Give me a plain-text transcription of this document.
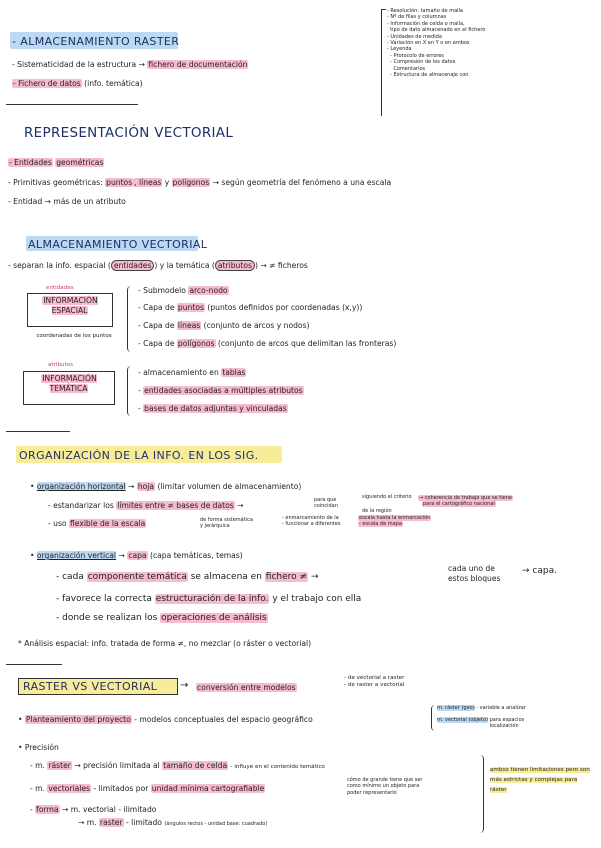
- Resolución: tamaño de malla
- Nº de filas y columnas
- Información de celda o malla,
tipo de dato almacenado en el fichero
- Unidades de medida
- Variación en X en Y o en ambos
- Leyenda
- Protocolo de errores
- Compresión de los datos
Comentarios
- Estructura de almacenaje con
- ALMACENAMIENTO RASTER
- Sistematicidad de la estructura → fichero de documentación
- Fichero de datos (info. temática)
REPRESENTACIÓN VECTORIAL
- Entidades geométricas
- Primitivas geométricas: puntos , líneas y polígonos → según geometría del fenómeno a una escala
- Entidad → más de un atributo
ALMACENAMIENTO VECTORIAL
- separan la info. espacial ( entidades ) y la temática ( atributos ) → ≠ ficheros
entidades
INFORMACIÓN ESPACIAL
coordenadas de los puntos
- Submodelo arco-nodo
- Capa de puntos (puntos definidos por coordenadas (x,y))
- Capa de líneas (conjunto de arcos y nodos)
- Capa de polígonos (conjunto de arcos que delimitan las fronteras)
atributos
INFORMACIÓN TEMÁTICA
- almacenamiento en tablas
- entidades asociadas a múltiples atributos
- bases de datos adjuntas y vinculadas
ORGANIZACIÓN DE LA INFO. EN LOS SIG.
• organización horizontal → hoja (limitar volumen de almacenamiento)
- estandarizar los límites entre ≠ bases de datos →
para que coincidan
siguiendo el criterio
de la región
→ coherencia de trabajo que se tiene
para el cartográfico nacional
- uso flexible de la escala	de forma sistemática
y jerárquica
- enmarcamiento de la
- funcionar a diferentes
escala hasta la enmarcación
- escala de mapa
• organización vertical → capa (capa temáticas, temas)
- cada componente temática se almacena en fichero ≠ →
cada uno de estos bloques
→ capa.
- favorece la correcta estructuración de la info. y el trabajo con ella
- donde se realizan los operaciones de análisis
* Análisis espacial: info. tratada de forma ≠, no mezclar (o ráster o vectorial)
RASTER VS VECTORIAL → conversión entre modelos
- de vectorial a raster
- de raster a vectorial
• Planteamiento del proyecto - modelos conceptuales del espacio geográfico
m. ráster (geo) - variable a analizar
m. vectorial (objeto) para espacios localización
• Precisión
- m. ráster → precisión limitada al tamaño de celda - influye en el contenido temático
- m. vectoriales - limitados por unidad mínima cartografiable
cómo de grande tiene que ser
como mínimo un objeto para
poder representarlo
- forma → m. vectorial - ilimitado
→ m. raster - limitado (ángulos rectos - unidad base: cuadrado)
ambos tienen limitaciones pero son más estrictas y complejas para ráster
